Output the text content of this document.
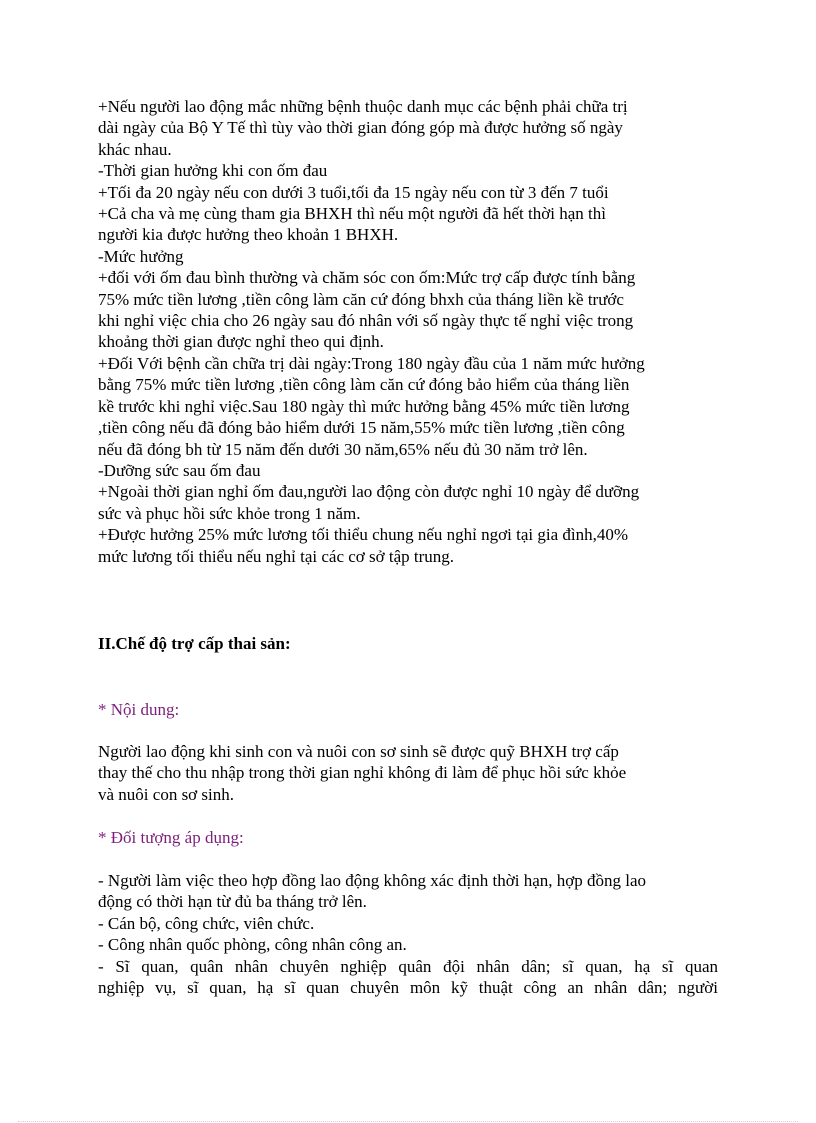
+Nếu người lao động mắc những bệnh thuộc danh mục các bệnh phải chữa trị
dài ngày của Bộ Y Tế thì tùy vào thời gian đóng góp mà được hưởng số ngày
khác nhau.
-Thời gian hưởng khi con ốm đau
+Tối đa 20 ngày nếu con dưới 3 tuổi,tối đa 15 ngày nếu con từ 3 đến 7 tuổi
+Cả cha và mẹ cùng tham gia BHXH thì nếu một người đã hết thời hạn thì
người kia được hưởng theo khoản 1 BHXH.
-Mức hưởng
+đối với ốm đau bình thường và chăm sóc con ốm:Mức trợ cấp được tính bằng
75% mức tiền lương ,tiền công làm căn cứ đóng bhxh của tháng liền kề trước
khi nghỉ việc chia cho 26 ngày sau đó nhân với số ngày thực tế nghỉ việc trong
khoảng thời gian được nghỉ theo qui định.
+Đối Với bệnh cần chữa trị dài ngày:Trong 180 ngày đầu của 1 năm mức hưởng
bằng 75% mức tiền lương ,tiền công làm căn cứ đóng bảo hiểm của tháng liền
kề trước khi nghỉ việc.Sau 180 ngày thì mức hưởng bằng 45% mức tiền lương
,tiền công nếu đã đóng bảo hiểm dưới 15 năm,55% mức tiền lương ,tiền công
nếu đã đóng bh từ 15 năm đến dưới 30 năm,65% nếu đủ 30 năm trở lên.
-Dưỡng sức sau ốm đau
+Ngoài thời gian nghỉ ốm đau,người lao động còn được nghỉ 10 ngày để dưỡng
sức và phục hồi sức khỏe trong 1 năm.
+Được hưởng 25% mức lương tối thiểu chung nếu nghỉ ngơi tại gia đình,40%
mức lương tối thiểu nếu nghỉ tại các cơ sở tập trung.
II.Chế độ trợ cấp thai sản:
* Nội dung:
Người lao động khi sinh con và nuôi con sơ sinh sẽ được quỹ BHXH trợ cấp
thay thế cho thu nhập trong thời gian nghỉ không đi làm để phục hồi sức khỏe
và nuôi con sơ sinh.
* Đối tượng áp dụng:
- Người làm việc theo hợp đồng lao động không xác định thời hạn, hợp đồng lao
động có thời hạn từ đủ ba tháng trở lên.
- Cán bộ, công chức, viên chức.
- Công nhân quốc phòng, công nhân công an.
- Sĩ quan, quân nhân chuyên nghiệp quân đội nhân dân; sĩ quan, hạ sĩ quan
nghiệp vụ, sĩ quan, hạ sĩ quan chuyên môn kỹ thuật công an nhân dân; người
